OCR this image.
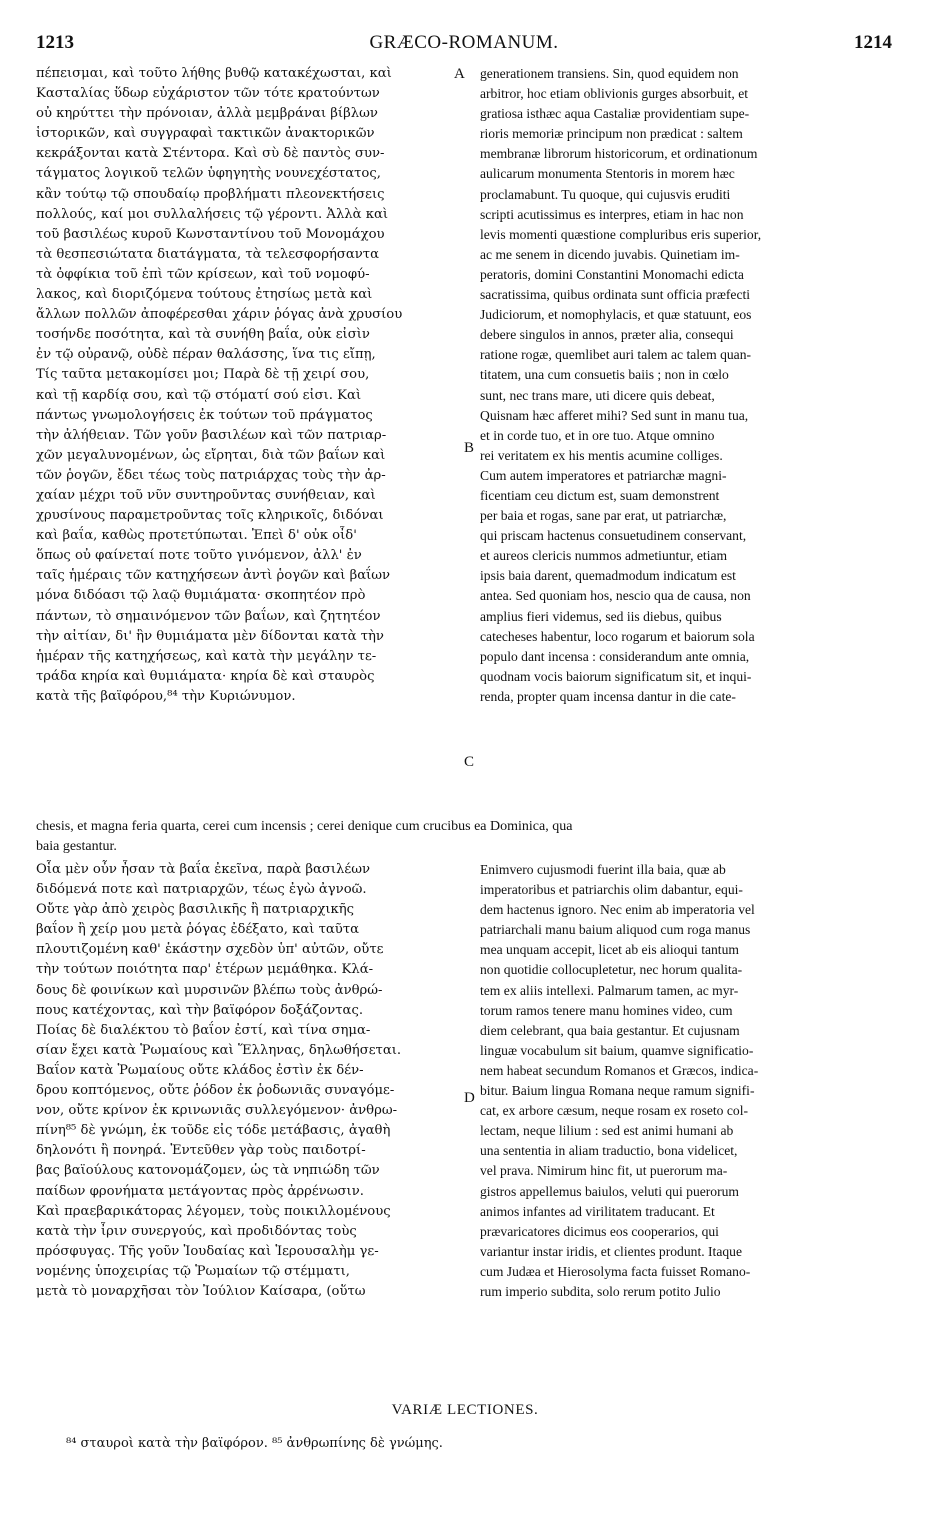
1213	GRÆCO-ROMANUM.	1214
πέπεισμαι, καὶ τοῦτο λήθης βυθῷ κατακέχωσται, καὶ
Κασταλίας ὕδωρ εὐχάριστον τῶν τότε κρατούντων
οὐ κηρύττει τὴν πρόνοιαν, ἀλλὰ μεμβράναι βίβλων
ἱστορικῶν, καὶ συγγραφαὶ τακτικῶν ἀνακτορικῶν
κεκράξονται κατὰ Στέντορα. Καὶ σὺ δὲ παντὸς συν-
τάγματος λογικοῦ τελῶν ὑφηγητὴς νουνεχέστατος,
κἂν τούτῳ τῷ σπουδαίῳ προβλήματι πλεονεκτήσεις
πολλούς, καί μοι συλλαλήσεις τῷ γέροντι. Ἀλλὰ καὶ
τοῦ βασιλέως κυροῦ Κωνσταντίνου τοῦ Μονομάχου
τὰ θεσπεσιώτατα διατάγματα, τὰ τελεσφορήσαντα
τὰ ὀφφίκια τοῦ ἐπὶ τῶν κρίσεων, καὶ τοῦ νομοφύ-
λακος, καὶ διοριζόμενα τούτους ἐτησίως μετὰ καὶ
ἄλλων πολλῶν ἀποφέρεσθαι χάριν ῥόγας ἀνὰ χρυσίου
τοσήνδε ποσότητα, καὶ τὰ συνήθη βαΐα, οὐκ εἰσὶν
ἐν τῷ οὐρανῷ, οὐδὲ πέραν θαλάσσης, ἵνα τις εἴπῃ,
Τίς ταῦτα μετακομίσει μοι; Παρὰ δὲ τῇ χειρί σου,
καὶ τῇ καρδίᾳ σου, καὶ τῷ στόματί σού εἰσι. Καὶ
πάντως γνωμολογήσεις ἐκ τούτων τοῦ πράγματος
τὴν ἀλήθειαν. Τῶν γοῦν βασιλέων καὶ τῶν πατριαρ-
χῶν μεγαλυνομένων, ὡς εἴρηται, διὰ τῶν βαΐων καὶ
τῶν ῥογῶν, ἔδει τέως τοὺς πατριάρχας τοὺς τὴν ἀρ-
χαίαν μέχρι τοῦ νῦν συντηροῦντας συνήθειαν, καὶ
χρυσίνους παραμετροῦντας τοῖς κληρικοῖς, διδόναι
καὶ βαΐα, καθὼς προτετύπωται. Ἐπεὶ δ' οὐκ οἶδ'
ὅπως οὐ φαίνεταί ποτε τοῦτο γινόμενον, ἀλλ' ἐν
ταῖς ἡμέραις τῶν κατηχήσεων ἀντὶ ῥογῶν καὶ βαΐων
μόνα διδόασι τῷ λαῷ θυμιάματα· σκοπητέον πρὸ
πάντων, τὸ σημαινόμενον τῶν βαΐων, καὶ ζητητέον
τὴν αἰτίαν, δι' ἣν θυμιάματα μὲν δίδονται κατὰ τὴν
ἡμέραν τῆς κατηχήσεως, καὶ κατὰ τὴν μεγάλην τε-
τράδα κηρία καὶ θυμιάματα· κηρία δὲ καὶ σταυρὸς
κατὰ τῆς βαϊφόρου,⁸⁴ τὴν Κυριώνυμον.
generationem transiens. Sin, quod equidem non
arbitror, hoc etiam oblivionis gurges absorbuit, et
gratiosa isthæc aqua Castaliæ providentiam supe-
rioris memoriæ principum non prædicat : saltem
membranæ librorum historicorum, et ordinationum
aulicarum monumenta Stentoris in morem hæc
proclamabunt. Tu quoque, qui cujusvis eruditi
scripti acutissimus es interpres, etiam in hac non
levis momenti quæstione compluribus eris superior,
ac me senem in dicendo juvabis. Quinetiam im-
peratoris, domini Constantini Monomachi edicta
sacratissima, quibus ordinata sunt officia præfecti
Judiciorum, et nomophylacis, et quæ statuunt, eos
debere singulos in annos, præter alia, consequi
ratione rogæ, quemlibet auri talem ac talem quan-
titatem, una cum consuetis baiis ; non in cœlo
sunt, nec trans mare, uti dicere quis debeat,
Quisnam hæc afferet mihi? Sed sunt in manu tua,
et in corde tuo, et in ore tuo. Atque omnino
rei veritatem ex his mentis acumine colliges.
Cum autem imperatores et patriarchæ magni-
ficentiam ceu dictum est, suam demonstrent
per baia et rogas, sane par erat, ut patriarchæ,
qui priscam hactenus consuetudinem conservant,
et aureos clericis nummos admetiuntur, etiam
ipsis baia darent, quemadmodum indicatum est
antea. Sed quoniam hos, nescio qua de causa, non
amplius fieri videmus, sed iis diebus, quibus
catecheses habentur, loco rogarum et baiorum sola
populo dant incensa : considerandum ante omnia,
quodnam vocis baiorum significatum sit, et inqui-
renda, propter quam incensa dantur in die cate-
A
B
C
D
chesis, et magna feria quarta, cerei cum incensis ; cerei denique cum crucibus ea Dominica, qua
baia gestantur.
Οἷα μὲν οὖν ἦσαν τὰ βαΐα ἐκεῖνα, παρὰ βασιλέων
διδόμενά ποτε καὶ πατριαρχῶν, τέως ἐγὼ ἀγνοῶ.
Οὔτε γὰρ ἀπὸ χειρὸς βασιλικῆς ἢ πατριαρχικῆς
βαΐον ἢ χείρ μου μετὰ ῥόγας ἐδέξατο, καὶ ταῦτα
πλουτιζομένη καθ' ἑκάστην σχεδὸν ὑπ' αὐτῶν, οὔτε
τὴν τούτων ποιότητα παρ' ἑτέρων μεμάθηκα. Κλά-
δους δὲ φοινίκων καὶ μυρσινῶν βλέπω τοὺς ἀνθρώ-
πους κατέχοντας, καὶ τὴν βαϊφόρον δοξάζοντας.
Ποίας δὲ διαλέκτου τὸ βαΐον ἐστί, καὶ τίνα σημα-
σίαν ἔχει κατὰ Ῥωμαίους καὶ Ἕλληνας, δηλωθήσεται.
Βαΐον κατὰ Ῥωμαίους οὔτε κλάδος ἐστὶν ἐκ δέν-
δρου κοπτόμενος, οὔτε ῥόδον ἐκ ῥοδωνιᾶς συναγόμε-
νον, οὔτε κρίνον ἐκ κρινωνιᾶς συλλεγόμενον· ἀνθρω-
πίνη⁸⁵ δὲ γνώμη, ἐκ τοῦδε εἰς τόδε μετάβασις, ἀγαθὴ
δηλονότι ἢ πονηρά. Ἐντεῦθεν γὰρ τοὺς παιδοτρί-
βας βαϊούλους κατονομάζομεν, ὡς τὰ νηπιώδη τῶν
παίδων φρονήματα μετάγοντας πρὸς ἀρρένωσιν.
Καὶ πραεβαρικάτορας λέγομεν, τοὺς ποικιλλομένους
κατὰ τὴν ἶριν συνεργούς, καὶ προδιδόντας τοὺς
πρόσφυγας. Τῆς γοῦν Ἰουδαίας καὶ Ἱερουσαλὴμ γε-
νομένης ὑποχειρίας τῷ Ῥωμαίων τῷ στέμματι,
μετὰ τὸ μοναρχῆσαι τὸν Ἰούλιον Καίσαρα, (οὕτω
Enimvero cujusmodi fuerint illa baia, quæ ab
imperatoribus et patriarchis olim dabantur, equi-
dem hactenus ignoro. Nec enim ab imperatoria vel
patriarchali manu baium aliquod cum roga manus
mea unquam accepit, licet ab eis alioqui tantum
non quotidie collocupletetur, nec horum qualita-
tem ex aliis intellexi. Palmarum tamen, ac myr-
torum ramos tenere manu homines video, cum
diem celebrant, qua baia gestantur. Et cujusnam
linguæ vocabulum sit baium, quamve significatio-
nem habeat secundum Romanos et Græcos, indica-
bitur. Baium lingua Romana neque ramum signifi-
cat, ex arbore cæsum, neque rosam ex roseto col-
lectam, neque lilium : sed est animi humani ab
una sententia in aliam traductio, bona videlicet,
vel prava. Nimirum hinc fit, ut puerorum ma-
gistros appellemus baiulos, veluti qui puerorum
animos infantes ad virilitatem traducant. Et
prævaricatores dicimus eos cooperarios, qui
variantur instar iridis, et clientes produnt. Itaque
cum Judæa et Hierosolyma facta fuisset Romano-
rum imperio subdita, solo rerum potito Julio
VARIÆ LECTIONES.
⁸⁴ σταυροὶ κατὰ τὴν βαϊφόρον. ⁸⁵ ἀνθρωπίνης δὲ γνώμης.
